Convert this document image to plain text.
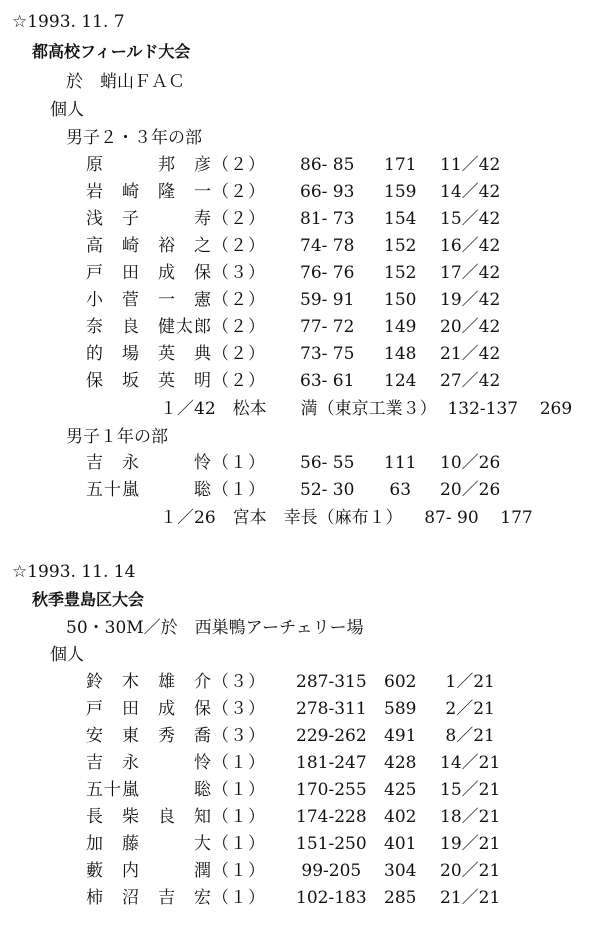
☆1993. 11. 7
都高校フィールド大会
於　蛸山ＦＡＣ
個人
男子２・３年の部
原　　　邦　彦（２） 86- 85 171 11／42
岩　崎　隆　一（２） 66- 93 159 14／42
浅　子　　　寿（２） 81- 73 154 15／42
高　崎　裕　之（２） 74- 78 152 16／42
戸　田　成　保（３） 76- 76 152 17／42
小　菅　一　憲（２） 59- 91 150 19／42
奈　良　健太郎（２） 77- 72 149 20／42
的　場　英　典（２） 73- 75 148 21／42
保　坂　英　明（２） 63- 61 124 27／42
１／42　松本　　満（東京工業３）  132-137    269
男子１年の部
吉　永　　　怜（１） 56- 55 111 10／26
五十嵐　　　聡（１） 52- 30 63 20／26
１／26　宮本　幸長（麻布１）    87- 90    177
☆1993. 11. 14
秋季豊島区大会
50・30M／於　西巣鴨アーチェリー場
個人
鈴　木　雄　介（３） 287-315 602 1／21
戸　田　成　保（３） 278-311 589 2／21
安　東　秀　喬（３） 229-262 491 8／21
吉　永　　　怜（１） 181-247 428 14／21
五十嵐　　　聡（１） 170-255 425 15／21
長　柴　良　知（１） 174-228 402 18／21
加　藤　　　大（１） 151-250 401 19／21
藪　内　　　潤（１） 99-205 304 20／21
柿　沼　吉　宏（１） 102-183 285 21／21
